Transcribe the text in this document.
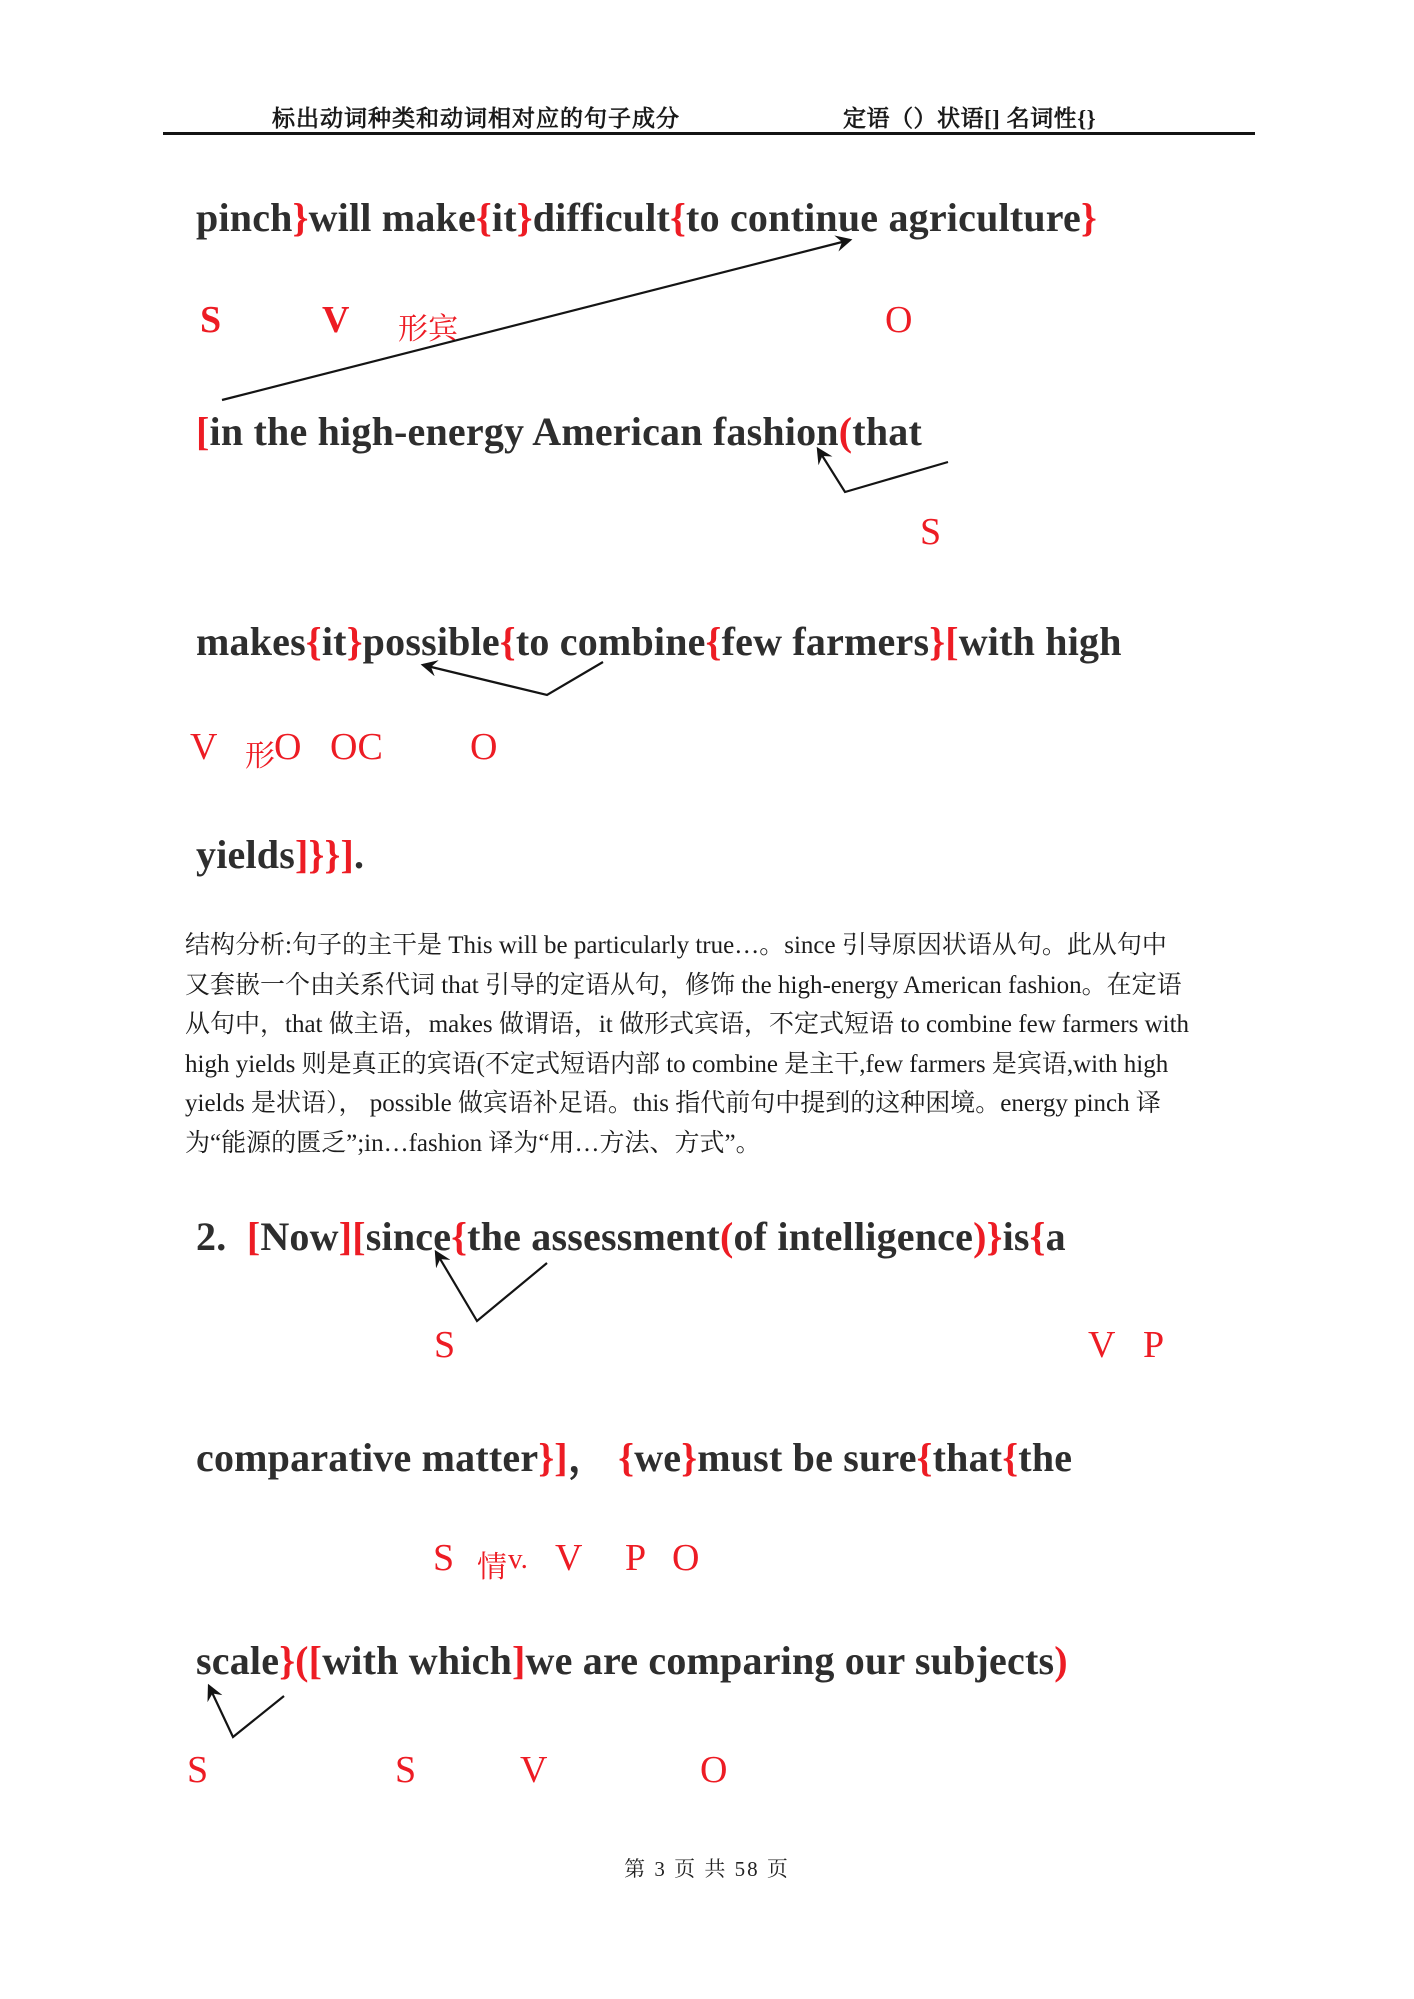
标出动词种类和动词相对应的句子成分	定语（）状语[] 名词性{}
pinch}will make{it}difficult{to continue agriculture}
S	V 形宾	O
[in the high-energy American fashion(that
S
makes{it}possible{to combine{few farmers}[with high
V 形 O OC O
yields]}}].
结构分析:句子的主干是 This will be particularly true…。since 引导原因状语从句。此从句中
又套嵌一个由关系代词 that 引导的定语从句，修饰 the high-energy American fashion。在定语
从句中，that 做主语，makes 做谓语，it 做形式宾语，不定式短语 to combine few farmers with
high yields 则是真正的宾语(不定式短语内部 to combine 是主干,few farmers 是宾语,with high
yields 是状语）， possible 做宾语补足语。this 指代前句中提到的这种困境。energy pinch 译
为“能源的匮乏”;in…fashion 译为“用…方法、方式”。
2.  [Now][since{the assessment(of intelligence)}is{a
S	V P
comparative matter}]， {we}must be sure{that{the
S 情 v. V P O
scale}([with which]we are comparing our subjects)
S	S	V	O
第 3 页 共 58 页
